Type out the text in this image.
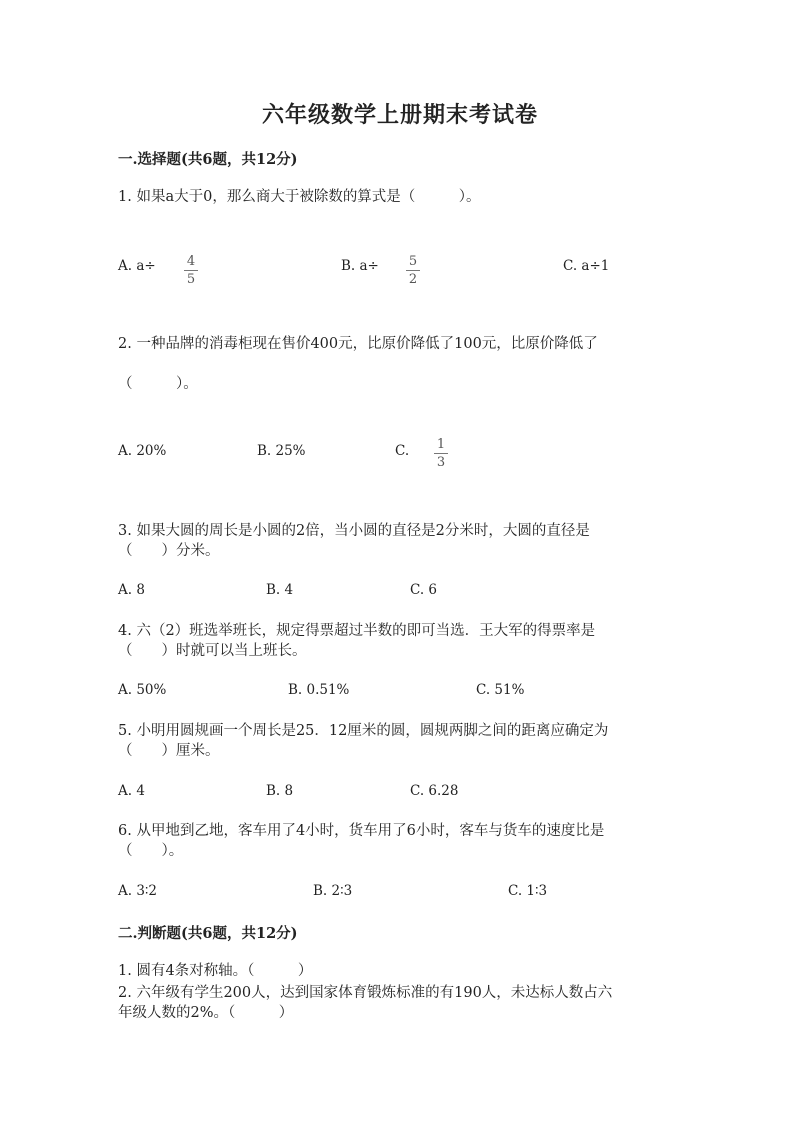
六年级数学上册期末考试卷
一.选择题(共6题，共12分)
1. 如果a大于0，那么商大于被除数的算式是（　　　）。
A. a÷ 4
5
B. a÷ 5
2
C. a÷1
2. 一种品牌的消毒柜现在售价400元，比原价降低了100元，比原价降低了
（　　　）。
A. 20%	B. 25%	C. 1
3
3. 如果大圆的周长是小圆的2倍，当小圆的直径是2分米时，大圆的直径是
（　　）分米。
A. 8	B. 4	C. 6
4. 六（2）班选举班长，规定得票超过半数的即可当选．王大军的得票率是
（　　）时就可以当上班长。
A. 50%	B. 0.51%	C. 51%
5. 小明用圆规画一个周长是25．12厘米的圆，圆规两脚之间的距离应确定为
（　　）厘米。
A. 4	B. 8	C. 6.28
6. 从甲地到乙地，客车用了4小时，货车用了6小时，客车与货车的速度比是
（　　）。
A. 3∶2	B. 2∶3	C. 1∶3
二.判断题(共6题，共12分)
1. 圆有4条对称轴。（　　　）
2. 六年级有学生200人，达到国家体育锻炼标准的有190人，未达标人数占六
年级人数的2%。（　　　）
